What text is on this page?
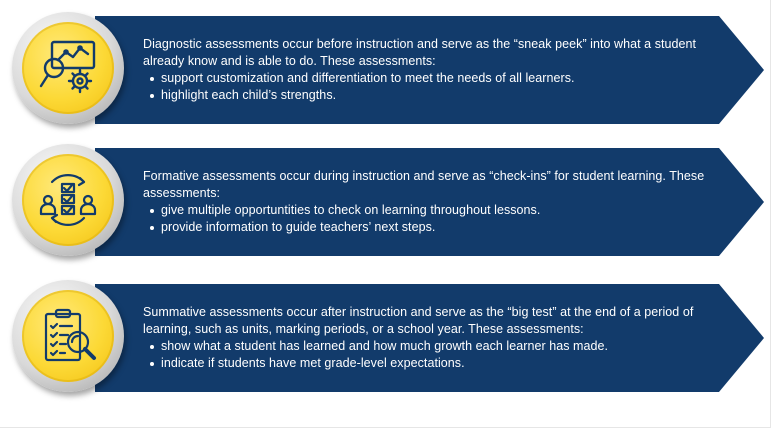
Diagnostic assessments occur before instruction and serve as the “sneak peek” into what a student already know and is able to do. These assessments:

support customization and differentiation to meet the needs of all learners.
highlight each child’s strengths.

Formative assessments occur during instruction and serve as “check-ins” for student learning. These assessments:

give multiple opportuntities to check on learning throughout lessons.
provide information to guide teachers’ next steps.

Summative assessments occur after instruction and serve as the “big test” at the end of a period of learning, such as units, marking periods, or a school year. These assessments:

show what a student has learned and how much growth each learner has made.
indicate if students have met grade-level expectations.
